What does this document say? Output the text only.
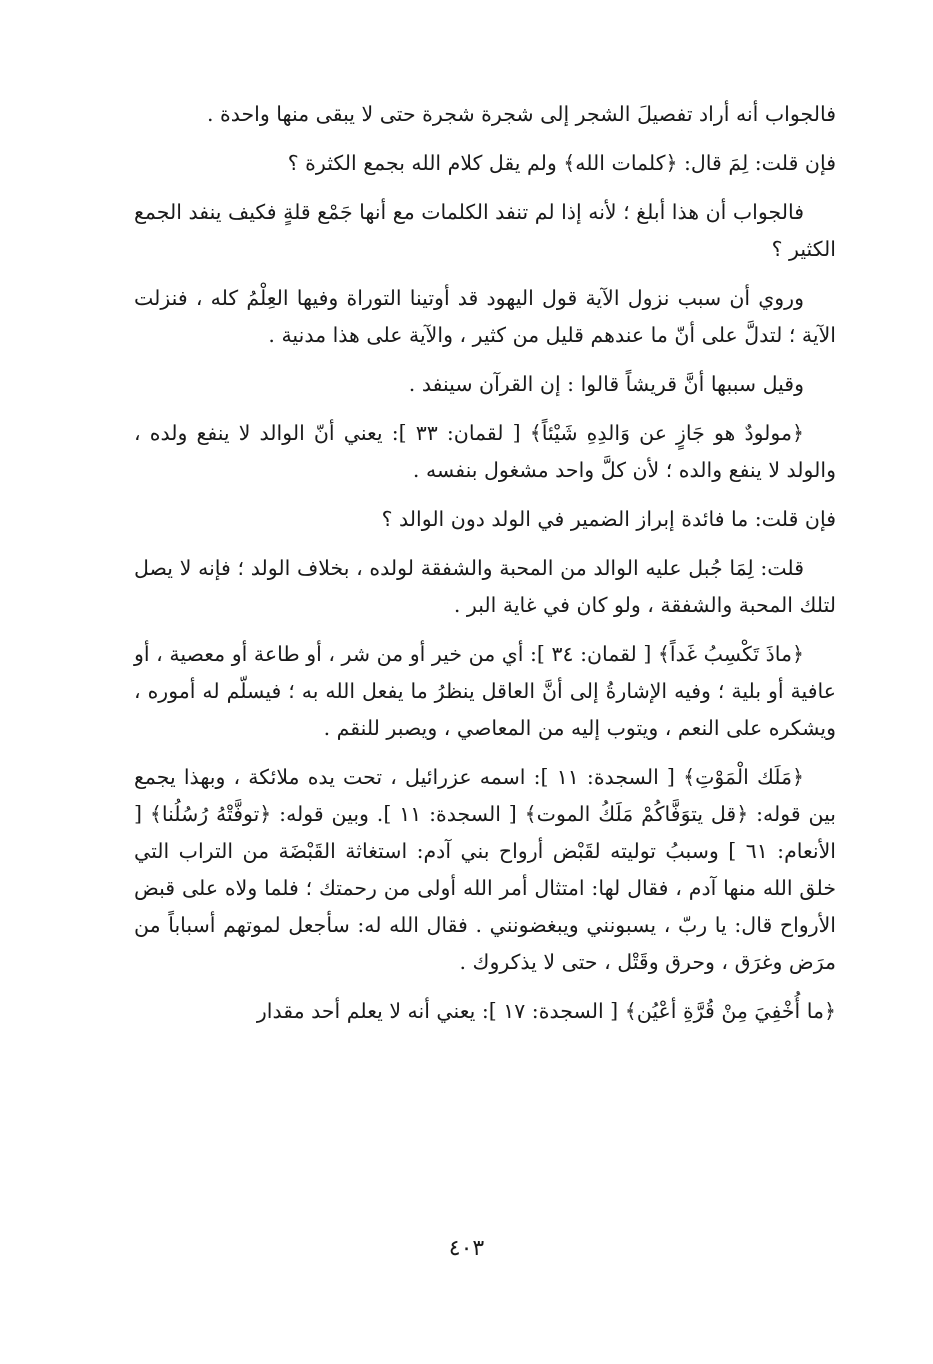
فالجواب أنه أراد تفصيلَ الشجر إلى شجرة شجرة حتى لا يبقى منها واحدة .

فإن قلت: لِمَ قال: ﴿كلمات الله﴾ ولم يقل كلام الله بجمع الكثرة ؟

فالجواب أن هذا أبلغ ؛ لأنه إذا لم تنفد الكلمات مع أنها جَمْع قلةٍ فكيف ينفد الجمع الكثير ؟

وروي أن سبب نزول الآية قول اليهود قد أوتينا التوراة وفيها العِلْمُ كله ، فنزلت الآية ؛ لتدلَّ على أنّ ما عندهم قليل من كثير ، والآية على هذا مدنية .

وقيل سببها أنَّ قريشاً قالوا : إن القرآن سينفد .

﴿مولودٌ هو جَازٍ عن وَالدِهِ شَيْئاً﴾ [ لقمان: ٣٣ ]: يعني أنّ الوالد لا ينفع ولده ، والولد لا ينفع والده ؛ لأن كلَّ واحد مشغول بنفسه .

فإن قلت: ما فائدة إبراز الضمير في الولد دون الوالد ؟

قلت: لِمَا جُبل عليه الوالد من المحبة والشفقة لولده ، بخلاف الولد ؛ فإنه لا يصل لتلك المحبة والشفقة ، ولو كان في غاية البر .

﴿ماذَ تَكْسِبُ غَداً﴾ [ لقمان: ٣٤ ]: أي من خير أو من شر ، أو طاعة أو معصية ، أو عافية أو بلية ؛ وفيه الإشارةُ إلى أنَّ العاقل ينظرُ ما يفعل الله به ؛ فيسلّم له أموره ، ويشكره على النعم ، ويتوب إليه من المعاصي ، ويصبر للنقم .

﴿مَلَك الْمَوْتِ﴾ [ السجدة: ١١ ]: اسمه عزرائيل ، تحت يده ملائكة ، وبهذا يجمع بين قوله: ﴿قل يتوَفَّاكُمْ مَلَكُ الموت﴾ [ السجدة: ١١ ]. وبين قوله: ﴿توفَّتْهُ رُسُلُنا﴾ [ الأنعام: ٦١ ] وسببُ توليته لقَبْض أرواح بني آدم: استغاثة القَبْضَة من التراب التي خلق الله منها آدم ، فقال لها: امتثال أمر الله أولى من رحمتك ؛ فلما ولاه على قبض الأرواح قال: يا ربّ ، يسبونني ويبغضونني . فقال الله له: سأجعل لموتهم أسباباً من مرَض وغرَق ، وحرق وقَتْل ، حتى لا يذكروك .

﴿ما أُخْفِيَ مِنْ قُرَّةِ أعْيُن﴾ [ السجدة: ١٧ ]: يعني أنه لا يعلم أحد مقدار

٤٠٣
